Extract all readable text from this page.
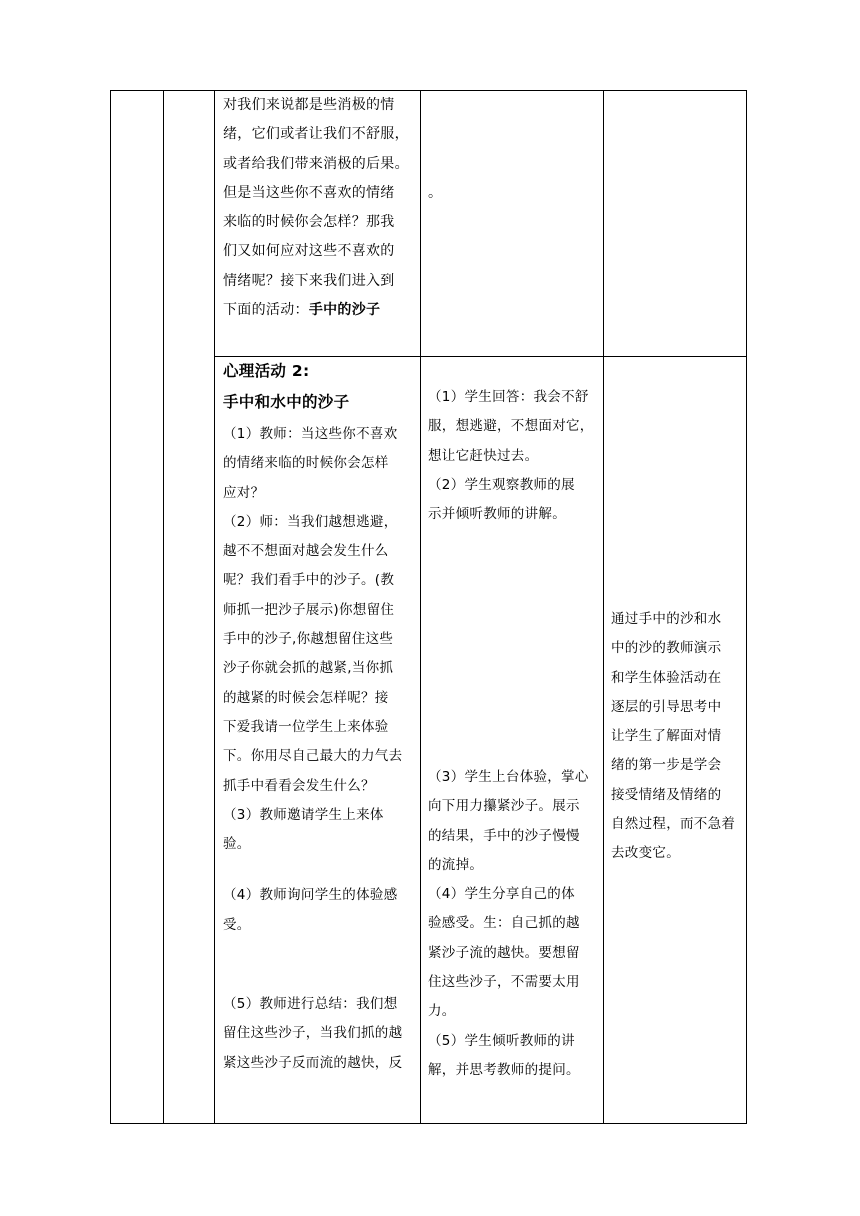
对我们来说都是些消极的情

绪，它们或者让我们不舒服，

或者给我们带来消极的后果。

但是当这些你不喜欢的情绪

来临的时候你会怎样？那我

们又如何应对这些不喜欢的

情绪呢？接下来我们进入到

下面的活动：手中的沙子

。

心理活动 2:

手中和水中的沙子

（1）教师：当这些你不喜欢

的情绪来临的时候你会怎样

应对？

（2）师：当我们越想逃避，

越不不想面对越会发生什么

呢？我们看手中的沙子。(教

师抓一把沙子展示)你想留住

手中的沙子,你越想留住这些

沙子你就会抓的越紧,当你抓

的越紧的时候会怎样呢？接

下爱我请一位学生上来体验

下。你用尽自己最大的力气去

抓手中看看会发生什么？

（3）教师邀请学生上来体

验。

（4）教师询问学生的体验感

受。

（5）教师进行总结：我们想

留住这些沙子，当我们抓的越

紧这些沙子反而流的越快，反

（1）学生回答：我会不舒

服，想逃避，不想面对它，

想让它赶快过去。

（2）学生观察教师的展

示并倾听教师的讲解。

（3）学生上台体验，掌心

向下用力攥紧沙子。展示

的结果，手中的沙子慢慢

的流掉。

（4）学生分享自己的体

验感受。生：自己抓的越

紧沙子流的越快。要想留

住这些沙子，不需要太用

力。

（5）学生倾听教师的讲

解，并思考教师的提问。

通过手中的沙和水

中的沙的教师演示

和学生体验活动在

逐层的引导思考中

让学生了解面对情

绪的第一步是学会

接受情绪及情绪的

自然过程，而不急着

去改变它。
